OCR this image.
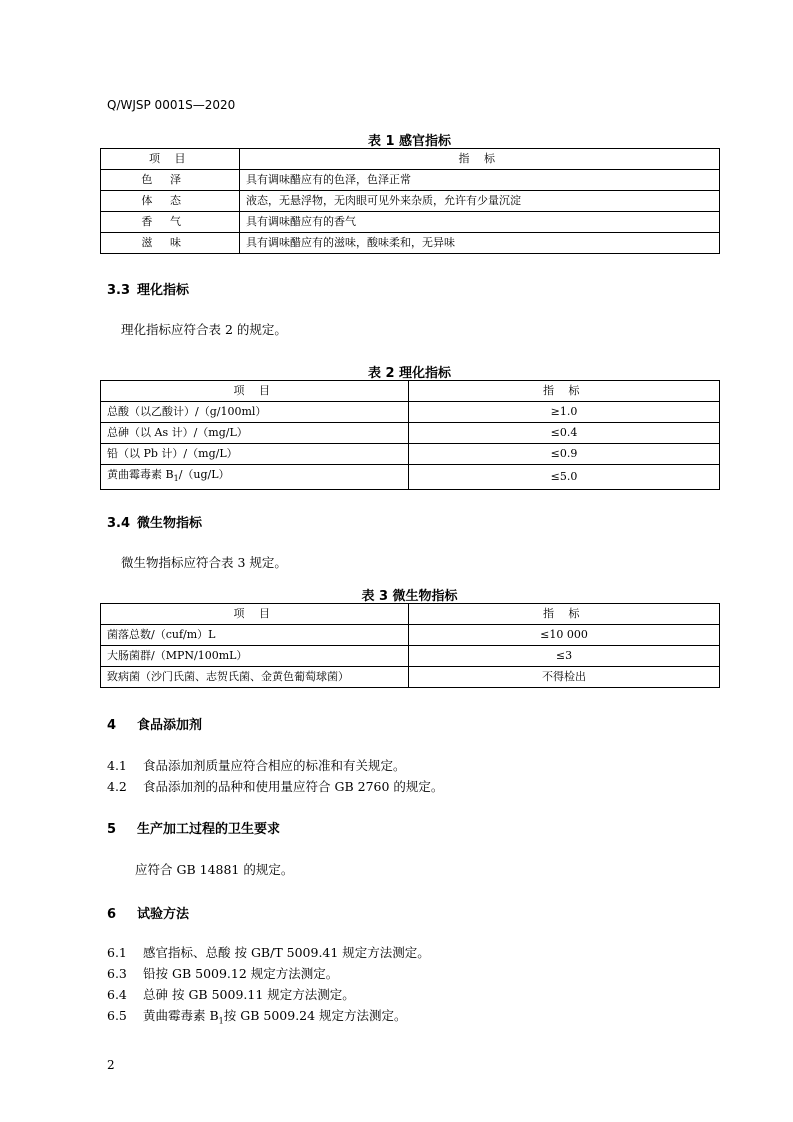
Q/WJSP 0001S—2020
表 1 感官指标
项 目	指 标
色泽	具有调味醋应有的色泽，色泽正常
体态	液态，无悬浮物，无肉眼可见外来杂质，允许有少量沉淀
香气	具有调味醋应有的香气
滋味	具有调味醋应有的滋味，酸味柔和，无异味
3.3 理化指标
理化指标应符合表 2 的规定。
表 2 理化指标
项 目	指 标
总酸（以乙酸计）/（g/100ml）	≥1.0
总砷（以 As 计）/（mg/L）	≤0.4
铅（以 Pb 计）/（mg/L）	≤0.9
黄曲霉毒素 $B_1/(ug/L)$	≤5.0
3.4 微生物指标
微生物指标应符合表 3 规定。
表 3 微生物指标
项 目	指 标
菌落总数/（cuf/m）L	≤10 000
大肠菌群/（MPN/100mL）	≤3
致病菌（沙门氏菌、志贺氏菌、金黄色葡萄球菌）	不得检出
4 食品添加剂
4.1 食品添加剂质量应符合相应的标准和有关规定。
4.2 食品添加剂的品种和使用量应符合 GB 2760 的规定。
5 生产加工过程的卫生要求
应符合 GB 14881 的规定。
6 试验方法
6.1 感官指标、总酸 按 GB/T 5009.41 规定方法测定。
6.3 铅按 GB 5009.12 规定方法测定。
6.4 总砷 按 GB 5009.11 规定方法测定。
6.5 黄曲霉毒素 $B_1$按 GB 5009.24 规定方法测定。
2
